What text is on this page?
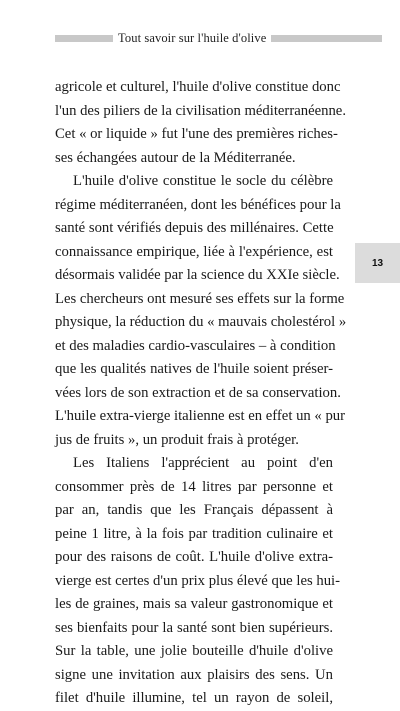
Tout savoir sur l'huile d'olive
13
agricole et culturel, l'huile d'olive constitue donc
l'un des piliers de la civilisation méditerranéenne.
Cet « or liquide » fut l'une des premières riches-
ses échangées autour de la Méditerranée.
L'huile d'olive constitue le socle du célèbre
régime méditerranéen, dont les bénéfices pour la
santé sont vérifiés depuis des millénaires. Cette
connaissance empirique, liée à l'expérience, est
désormais validée par la science du XXIe siècle.
Les chercheurs ont mesuré ses effets sur la forme
physique, la réduction du « mauvais cholestérol »
et des maladies cardio-vasculaires – à condition
que les qualités natives de l'huile soient préser-
vées lors de son extraction et de sa conservation.
L'huile extra-vierge italienne est en effet un « pur
jus de fruits », un produit frais à protéger.
Les Italiens l'apprécient au point d'en
consommer près de 14 litres par personne et
par an, tandis que les Français dépassent à
peine 1 litre, à la fois par tradition culinaire et
pour des raisons de coût. L'huile d'olive extra-
vierge est certes d'un prix plus élevé que les hui-
les de graines, mais sa valeur gastronomique et
ses bienfaits pour la santé sont bien supérieurs.
Sur la table, une jolie bouteille d'huile d'olive
signe une invitation aux plaisirs des sens. Un
filet d'huile illumine, tel un rayon de soleil,
